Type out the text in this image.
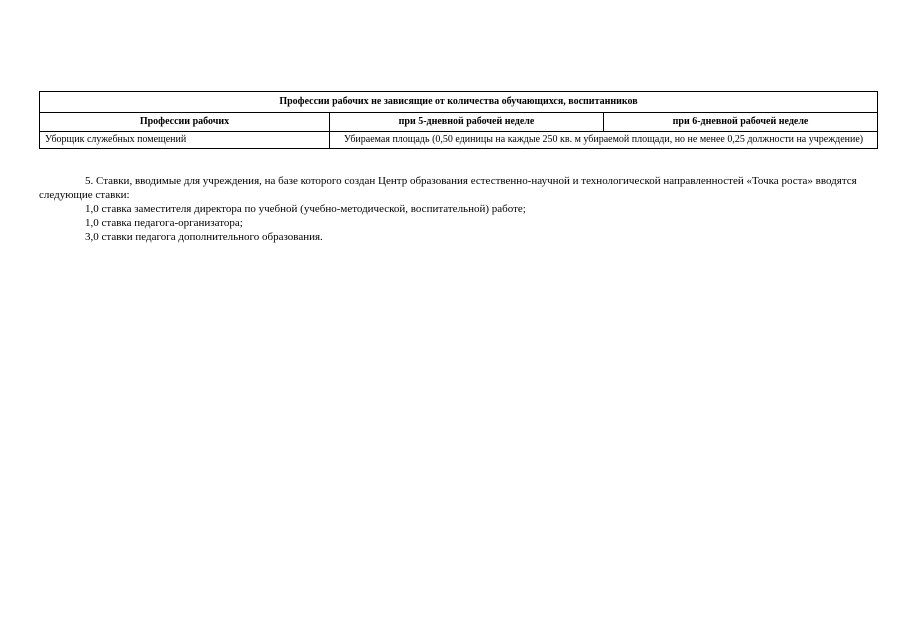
Профессии рабочих не зависящие от количества обучающихся, воспитанников		
Профессии рабочих	при 5-дневной рабочей неделе	при 6-дневной рабочей неделе
Уборщик служебных помещений	Убираемая площадь (0,50 единицы на каждые 250 кв. м убираемой площади, но не менее 0,25 должности на учреждение)	

5. Ставки, вводимые для учреждения, на базе которого создан Центр образования естественно-научной и технологической направленностей «Точка роста» вводятся следующие ставки:

1,0 ставка заместителя директора по учебной (учебно-методической, воспитательной) работе;

1,0 ставка педагога-организатора;

3,0 ставки педагога дополнительного образования.
